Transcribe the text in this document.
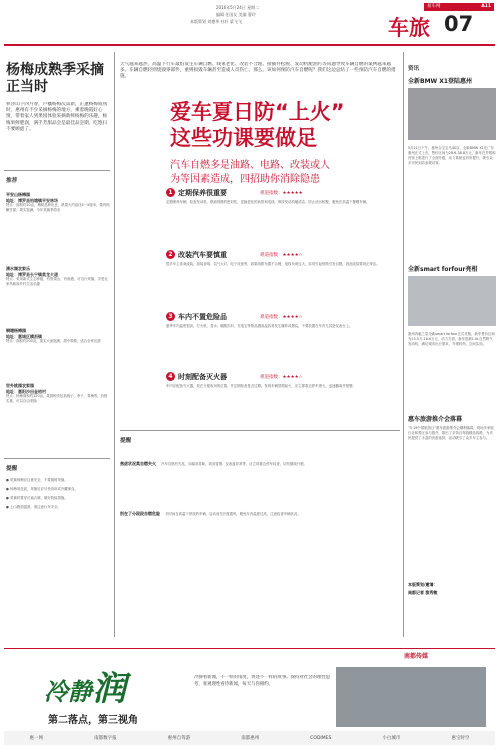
2016年5月24日 星期二
编辑 任国友 美编 曹玲
本版策划 刘德华 杜轩 梁飞飞
易车网	A11
车旅 07
杨梅成熟季采摘正当时
萝泾山下四月春，卢橘杨梅次第新，正逢杨梅成熟时，惠州有不少采摘杨梅的地方，乘着晚霞好心情，带着家人到果园体验采摘新鲜杨梅的乐趣，杨梅果鲜肥润，满手芳甜品尝是最佳品尝期，吃饱扫不要顾虑了。
推荐
平安山杨梅园
地址：博罗县柏塘镇平安林场
特点：面积约10亩，梅树品种优良，熟果大约直径4～5厘米，果肉细嫩甘甜，果实饱满，今年采摘季将至
清水湖农家乐
地址：博罗县长宁镇莫龙大道
特点：采用新式生态种植，有野果山、有鱼塘，可自行采摘，享受农家风味和乡村生活乐趣
铜塘杨梅园
地址：惠城区横沥镇
特点：面积约200亩，果实大而饱满，甜中带酸，适合全家出游
世外桃园农家园
地址：惠阳沙田金桔村
特点：杨梅面积约120亩，果园种类包括桃子、李子、青梅等，价格实惠，可以自由采摘
提醒
● 采摘杨梅应注意安全，不要爬树采摘。
● 杨梅易变质，采摘后应尽快食用或冷藏保存。
● 采摘时要穿长袖衣裤，做好防蚊措施。
● 上山路面湿滑，请注意行车安全。
天气越来越热，高温下行车最怕发生车辆自燃、线束老化、改装不合理、接插件松脱、发动机舱油污等问题导致车辆自燃的案例越来越多。车辆自燃轻则烧毁零部件，重则损毁车辆甚至造成人员伤亡。那么，该如何预防汽车自燃呢？我们这边总结了一些预防汽车自燃的措施。
爱车夏日防“上火”
这些功课要做足
汽车自燃多是油路、电路、改装或人
为等因素造成，四招助你消除隐患
1 定期保养很重要	难道指数：★★★★★
定期保养车辆，检查发动机、燃油管路的密封性，更换老化的油管和电线，保持发动机舱清洁，防止油污积聚，避免在高温下暴晒车辆。
2 改装汽车要慎重	难道指数：★★★★☆
很多车主喜欢改装，加装音响、氙气大灯、电子设备等，如果线路布置不合理，电线负荷过大，容易引起短路引发自燃，因此改装要到正规店。
3 车内不置危险品	难道指数：★★★★☆
夏季车内温度很高，打火机、香水、碳酸饮料、充电宝等物品遇高温容易发生爆炸或燃烧，不要放置在车内尤其是仪表台上。
4 时刻配备灭火器	难道指数：★★★★☆
车内应配备灭火器，放在方便取用的位置，并定期检查是否过期。发现车辆冒烟起火，应立即靠边停车熄火，迅速撤离并报警。
提醒
焦虑状况莫自燃失火 汽车自燃有先兆，如闻到异味、看到冒烟、仪表盘异常等，应立即靠边停车检查，切勿继续行驶。
别在了分段段自燃危险 长时间在高温下停放的车辆，启动前先开窗通风，避免车内温度过高，注意检查车辆状况。
资讯
全新BMW X1登陆惠州
5月21日下午，惠州合宝宝马4S店，全新BMW X1在广东惠州正式上市，售价区间为28.6-38.8万元，新车在外观和内饰上都进行了全面升级，动力系统也有所提升，吸引众多市民到店参观试驾。
全新smart forfour亮相
惠州奔驰之星全新smart forfour正式亮相，新车售价区间为13.5万-18.6万元，动力方面，新车搭载1.0L自然吸气发动机，满足城市出行需求，外观时尚，空间实用。
惠车旅游推介会落幕
“5·19中国旅游日”惠车旅游推介会顺利落幕，现场多家旅行社和景区参与推介，推出了多条自驾游精品线路，为市民提供了丰富的出游选择，活动吸引了众多车主参与。
本版策划/邀请：
南都记者 黎秀敏
南都传媒
冷静润
第二落点，第三视角
冷静看新闻，不一样的角度，讲述不一样的故事。保持对社会的理性思考，客观理性看待新闻，每天与你相约。
惠一网	南都数字报	惠州自驾游	南都惠州	CODIMES	小白城市	惠宝时空
